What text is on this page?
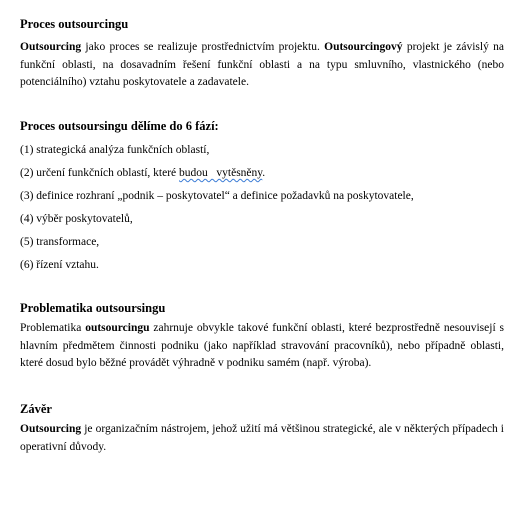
Proces outsourcingu

Outsourcing jako proces se realizuje prostřednictvím projektu. Outsourcingový projekt je závislý na funkční oblasti, na dosavadním řešení funkční oblasti a na typu smluvního, vlastnického (nebo potenciálního) vztahu poskytovatele a zadavatele.

Proces outsoursingu dělíme do 6 fází:

(1) strategická analýza funkčních oblastí,

(2) určení funkčních oblastí, které budou   vytěsněny.

(3) definice rozhraní „podnik – poskytovatel“ a definice požadavků na poskytovatele,

(4) výběr poskytovatelů,

(5) transformace,

(6) řízení vztahu.

Problematika outsoursingu

Problematika outsourcingu zahrnuje obvykle takové funkční oblasti, které bezprostředně nesouvisejí s hlavním předmětem činnosti podniku (jako například stravování pracovníků), nebo případně oblasti, které dosud bylo běžné provádět výhradně v podniku samém (např. výroba).

Závěr

Outsourcing je organizačním nástrojem, jehož užití má většinou strategické, ale v některých případech i operativní důvody.
